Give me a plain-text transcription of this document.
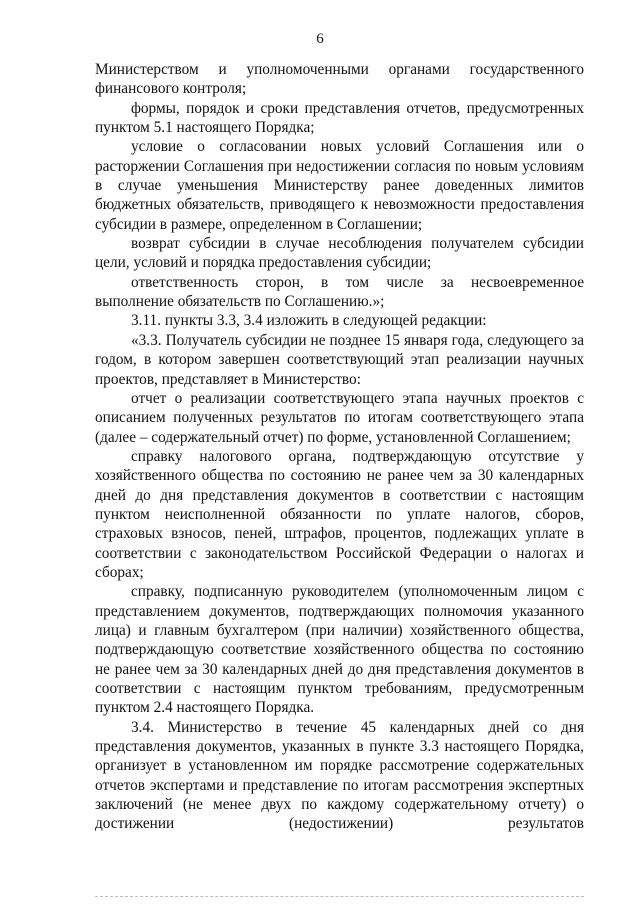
6

Министерством и уполномоченными органами государственного финансового контроля;

формы, порядок и сроки представления отчетов, предусмотренных пунктом 5.1 настоящего Порядка;

условие о согласовании новых условий Соглашения или о расторжении Соглашения при недостижении согласия по новым условиям в случае уменьшения Министерству ранее доведенных лимитов бюджетных обязательств, приводящего к невозможности предоставления субсидии в размере, определенном в Соглашении;

возврат субсидии в случае несоблюдения получателем субсидии цели, условий и порядка предоставления субсидии;

ответственность сторон, в том числе за несвоевременное выполнение обязательств по Соглашению.»;

3.11. пункты 3.3, 3.4 изложить в следующей редакции:

«3.3. Получатель субсидии не позднее 15 января года, следующего за годом, в котором завершен соответствующий этап реализации научных проектов, представляет в Министерство:

отчет о реализации соответствующего этапа научных проектов с описанием полученных результатов по итогам соответствующего этапа (далее – содержательный отчет) по форме, установленной Соглашением;

справку налогового органа, подтверждающую отсутствие у хозяйственного общества по состоянию не ранее чем за 30 календарных дней до дня представления документов в соответствии с настоящим пунктом неисполненной обязанности по уплате налогов, сборов, страховых взносов, пеней, штрафов, процентов, подлежащих уплате в соответствии с законодательством Российской Федерации о налогах и сборах;

справку, подписанную руководителем (уполномоченным лицом с представлением документов, подтверждающих полномочия указанного лица) и главным бухгалтером (при наличии) хозяйственного общества, подтверждающую соответствие хозяйственного общества по состоянию не ранее чем за 30 календарных дней до дня представления документов в соответствии с настоящим пунктом требованиям, предусмотренным пунктом 2.4 настоящего Порядка.

3.4. Министерство в течение 45 календарных дней со дня представления документов, указанных в пункте 3.3 настоящего Порядка, организует в установленном им порядке рассмотрение содержательных отчетов экспертами и представление по итогам рассмотрения экспертных заключений (не менее двух по каждому содержательному отчету) о достижении (недостижении) результатов
